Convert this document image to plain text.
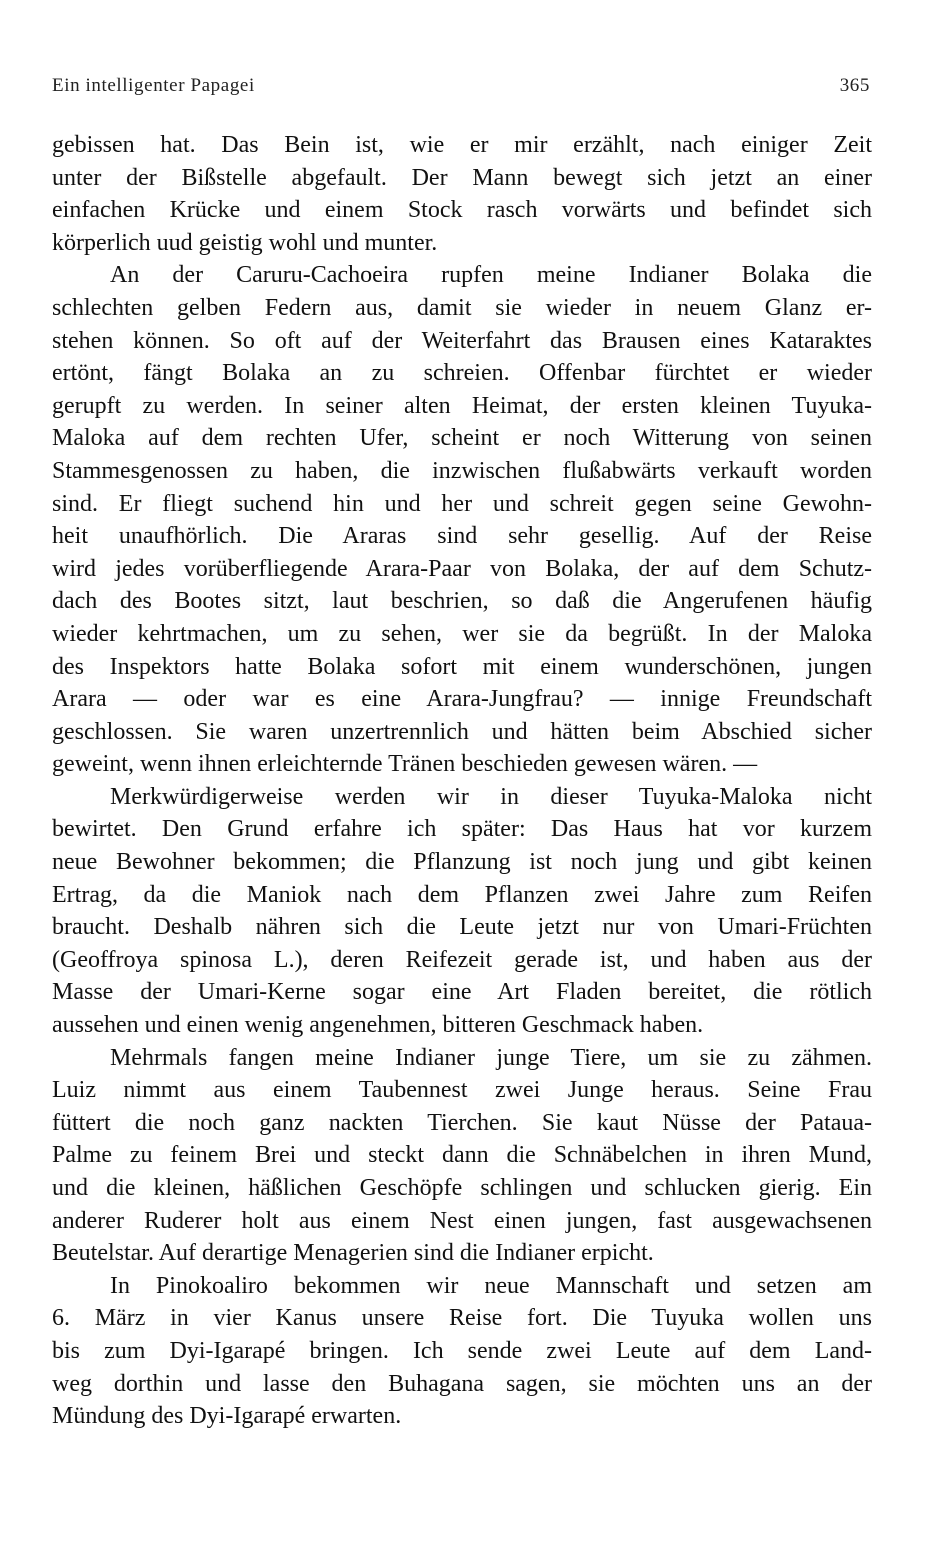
Ein intelligenter Papagei	365
gebissen hat. Das Bein ist, wie er mir erzählt, nach einiger Zeit
unter der Bißstelle abgefault. Der Mann bewegt sich jetzt an einer
einfachen Krücke und einem Stock rasch vorwärts und befindet sich
körperlich uud geistig wohl und munter.
An der Caruru-Cachoeira rupfen meine Indianer Bolaka die
schlechten gelben Federn aus, damit sie wieder in neuem Glanz er-
stehen können. So oft auf der Weiterfahrt das Brausen eines Kataraktes
ertönt, fängt Bolaka an zu schreien. Offenbar fürchtet er wieder
gerupft zu werden. In seiner alten Heimat, der ersten kleinen Tuyuka-
Maloka auf dem rechten Ufer, scheint er noch Witterung von seinen
Stammesgenossen zu haben, die inzwischen flußabwärts verkauft worden
sind. Er fliegt suchend hin und her und schreit gegen seine Gewohn-
heit unaufhörlich. Die Araras sind sehr gesellig. Auf der Reise
wird jedes vorüberfliegende Arara-Paar von Bolaka, der auf dem Schutz-
dach des Bootes sitzt, laut beschrien, so daß die Angerufenen häufig
wieder kehrtmachen, um zu sehen, wer sie da begrüßt. In der Maloka
des Inspektors hatte Bolaka sofort mit einem wunderschönen, jungen
Arara — oder war es eine Arara-Jungfrau? — innige Freundschaft
geschlossen. Sie waren unzertrennlich und hätten beim Abschied sicher
geweint, wenn ihnen erleichternde Tränen beschieden gewesen wären. —
Merkwürdigerweise werden wir in dieser Tuyuka-Maloka nicht
bewirtet. Den Grund erfahre ich später: Das Haus hat vor kurzem
neue Bewohner bekommen; die Pflanzung ist noch jung und gibt keinen
Ertrag, da die Maniok nach dem Pflanzen zwei Jahre zum Reifen
braucht. Deshalb nähren sich die Leute jetzt nur von Umari-Früchten
(Geoffroya spinosa L.), deren Reifezeit gerade ist, und haben aus der
Masse der Umari-Kerne sogar eine Art Fladen bereitet, die rötlich
aussehen und einen wenig angenehmen, bitteren Geschmack haben.
Mehrmals fangen meine Indianer junge Tiere, um sie zu zähmen.
Luiz nimmt aus einem Taubennest zwei Junge heraus. Seine Frau
füttert die noch ganz nackten Tierchen. Sie kaut Nüsse der Pataua-
Palme zu feinem Brei und steckt dann die Schnäbelchen in ihren Mund,
und die kleinen, häßlichen Geschöpfe schlingen und schlucken gierig. Ein
anderer Ruderer holt aus einem Nest einen jungen, fast ausgewachsenen
Beutelstar. Auf derartige Menagerien sind die Indianer erpicht.
In Pinokoaliro bekommen wir neue Mannschaft und setzen am
6. März in vier Kanus unsere Reise fort. Die Tuyuka wollen uns
bis zum Dyi-Igarapé bringen. Ich sende zwei Leute auf dem Land-
weg dorthin und lasse den Buhagana sagen, sie möchten uns an der
Mündung des Dyi-Igarapé erwarten.
